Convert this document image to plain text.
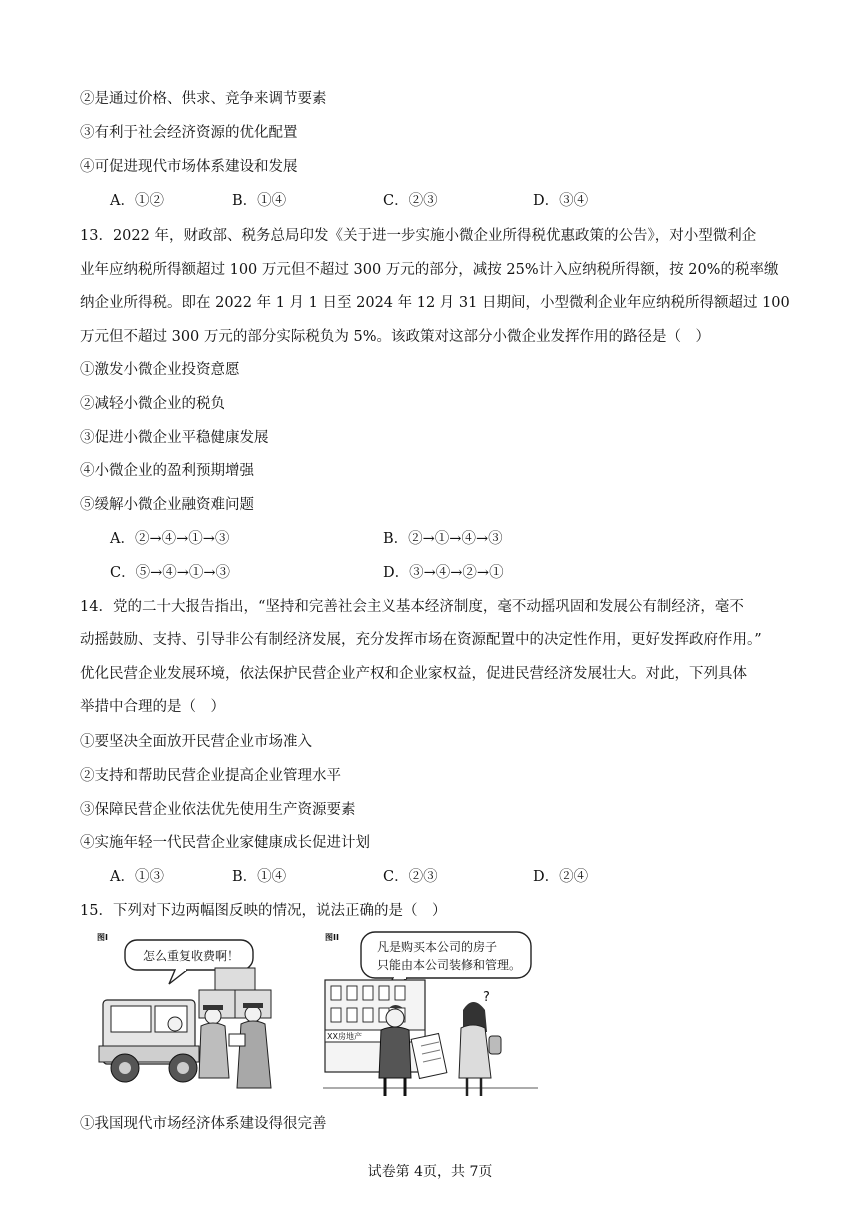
②是通过价格、供求、竞争来调节要素
③有利于社会经济资源的优化配置
④可促进现代市场体系建设和发展
A．①②	B．①④	C．②③	D．③④
13．2022 年，财政部、税务总局印发《关于进一步实施小微企业所得税优惠政策的公告》，对小型微利企
业年应纳税所得额超过 100 万元但不超过 300 万元的部分，减按 25%计入应纳税所得额，按 20%的税率缴
纳企业所得税。即在 2022 年 1 月 1 日至 2024 年 12 月 31 日期间，小型微利企业年应纳税所得额超过 100
万元但不超过 300 万元的部分实际税负为 5%。该政策对这部分小微企业发挥作用的路径是（　）
①激发小微企业投资意愿
②减轻小微企业的税负
③促进小微企业平稳健康发展
④小微企业的盈利预期增强
⑤缓解小微企业融资难问题
A．②→④→①→③	B．②→①→④→③
C．⑤→④→①→③	D．③→④→②→①
14．党的二十大报告指出，“坚持和完善社会主义基本经济制度，毫不动摇巩固和发展公有制经济，毫不
动摇鼓励、支持、引导非公有制经济发展，充分发挥市场在资源配置中的决定性作用，更好发挥政府作用。”
优化民营企业发展环境，依法保护民营企业产权和企业家权益，促进民营经济发展壮大。对此，下列具体
举措中合理的是（　）
①要坚决全面放开民营企业市场准入
②支持和帮助民营企业提高企业管理水平
③保障民营企业依法优先使用生产资源要素
④实施年轻一代民营企业家健康成长促进计划
A．①③	B．①④	C．②③	D．②④
15．下列对下边两幅图反映的情况，说法正确的是（　）
图I
怎么重复收费啊！
图II
凡是购买本公司的房子
只能由本公司装修和管理。
XX房地产
?
①我国现代市场经济体系建设得很完善
试卷第 4页，共 7页
